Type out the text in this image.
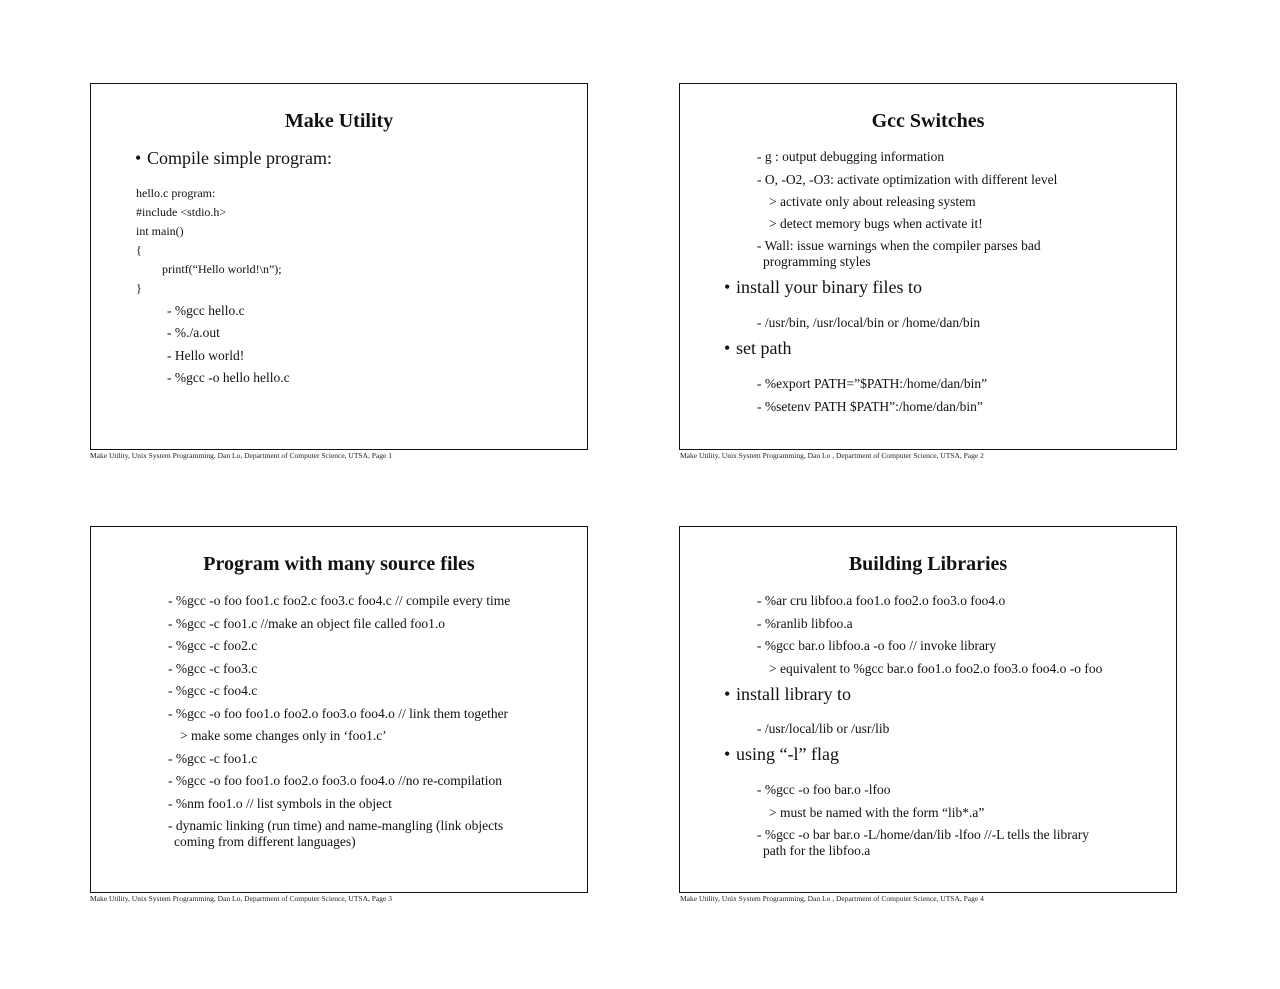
Make Utility
• Compile simple program:
hello.c program:
#include <stdio.h>
int main()
{
printf(“Hello world!\n”);
}
- %gcc hello.c
- %./a.out
- Hello world!
- %gcc -o hello hello.c
Make Utility, Unix System Programming, Dan Lo, Department of Computer Science, UTSA, Page 1
Gcc Switches
- g : output debugging information
- O, -O2, -O3: activate optimization with different level
> activate only about releasing system
> detect memory bugs when activate it!
- Wall: issue warnings when the compiler parses bad
programming styles
• install your binary files to
- /usr/bin, /usr/local/bin or /home/dan/bin
• set path
- %export PATH=”$PATH:/home/dan/bin”
- %setenv PATH $PATH”:/home/dan/bin”
Make Utility, Unix System Programming, Dan Lo , Department of Computer Science, UTSA, Page 2
Program with many source files
- %gcc -o foo foo1.c foo2.c foo3.c foo4.c // compile every time
- %gcc -c foo1.c //make an object file called foo1.o
- %gcc -c foo2.c
- %gcc -c foo3.c
- %gcc -c foo4.c
- %gcc -o foo foo1.o foo2.o foo3.o foo4.o // link them together
> make some changes only in ‘foo1.c’
- %gcc -c foo1.c
- %gcc -o foo foo1.o foo2.o foo3.o foo4.o //no re-compilation
- %nm foo1.o // list symbols in the object
- dynamic linking (run time) and name-mangling (link objects
coming from different languages)
Make Utility, Unix System Programming, Dan Lo, Department of Computer Science, UTSA, Page 3
Building Libraries
- %ar cru libfoo.a foo1.o foo2.o foo3.o foo4.o
- %ranlib libfoo.a
- %gcc bar.o libfoo.a -o foo // invoke library
> equivalent to %gcc bar.o foo1.o foo2.o foo3.o foo4.o -o foo
• install library to
- /usr/local/lib or /usr/lib
• using “-l” flag
- %gcc -o foo bar.o -lfoo
> must be named with the form “lib*.a”
- %gcc -o bar bar.o -L/home/dan/lib -lfoo //-L tells the library
path for the libfoo.a
Make Utility, Unix System Programming, Dan Lo , Department of Computer Science, UTSA, Page 4
